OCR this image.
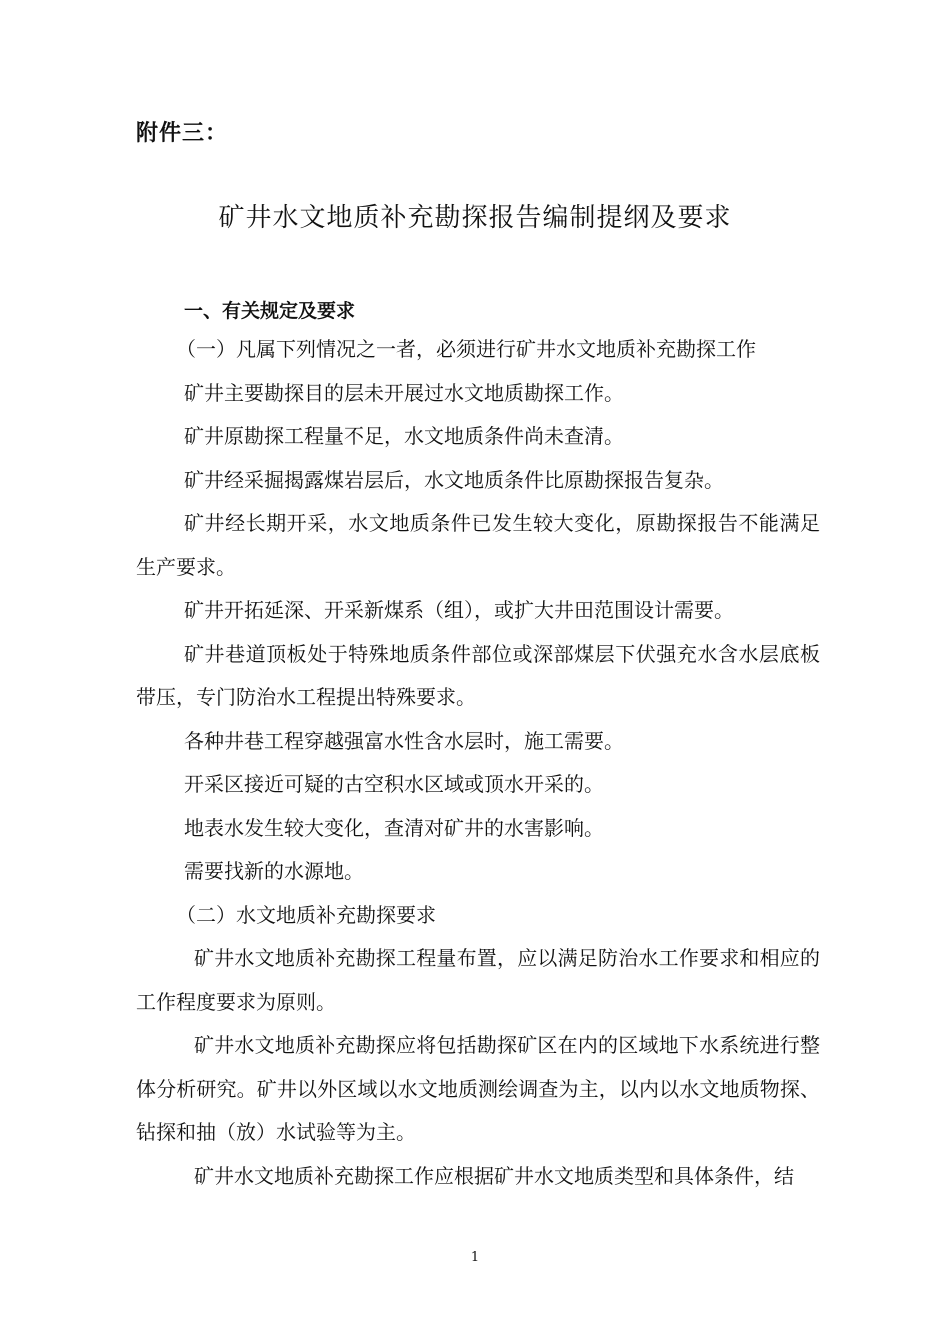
附件三：
矿井水文地质补充勘探报告编制提纲及要求
一、有关规定及要求

（一）凡属下列情况之一者，必须进行矿井水文地质补充勘探工作

矿井主要勘探目的层未开展过水文地质勘探工作。

矿井原勘探工程量不足，水文地质条件尚未查清。

矿井经采掘揭露煤岩层后，水文地质条件比原勘探报告复杂。

矿井经长期开采，水文地质条件已发生较大变化，原勘探报告不能满足生产要求。

矿井开拓延深、开采新煤系（组），或扩大井田范围设计需要。

矿井巷道顶板处于特殊地质条件部位或深部煤层下伏强充水含水层底板带压，专门防治水工程提出特殊要求。

各种井巷工程穿越强富水性含水层时，施工需要。

开采区接近可疑的古空积水区域或顶水开采的。

地表水发生较大变化，查清对矿井的水害影响。

需要找新的水源地。

（二）水文地质补充勘探要求

矿井水文地质补充勘探工程量布置，应以满足防治水工作要求和相应的工作程度要求为原则。

矿井水文地质补充勘探应将包括勘探矿区在内的区域地下水系统进行整体分析研究。矿井以外区域以水文地质测绘调查为主，以内以水文地质物探、钻探和抽（放）水试验等为主。

矿井水文地质补充勘探工作应根据矿井水文地质类型和具体条件，结

1
